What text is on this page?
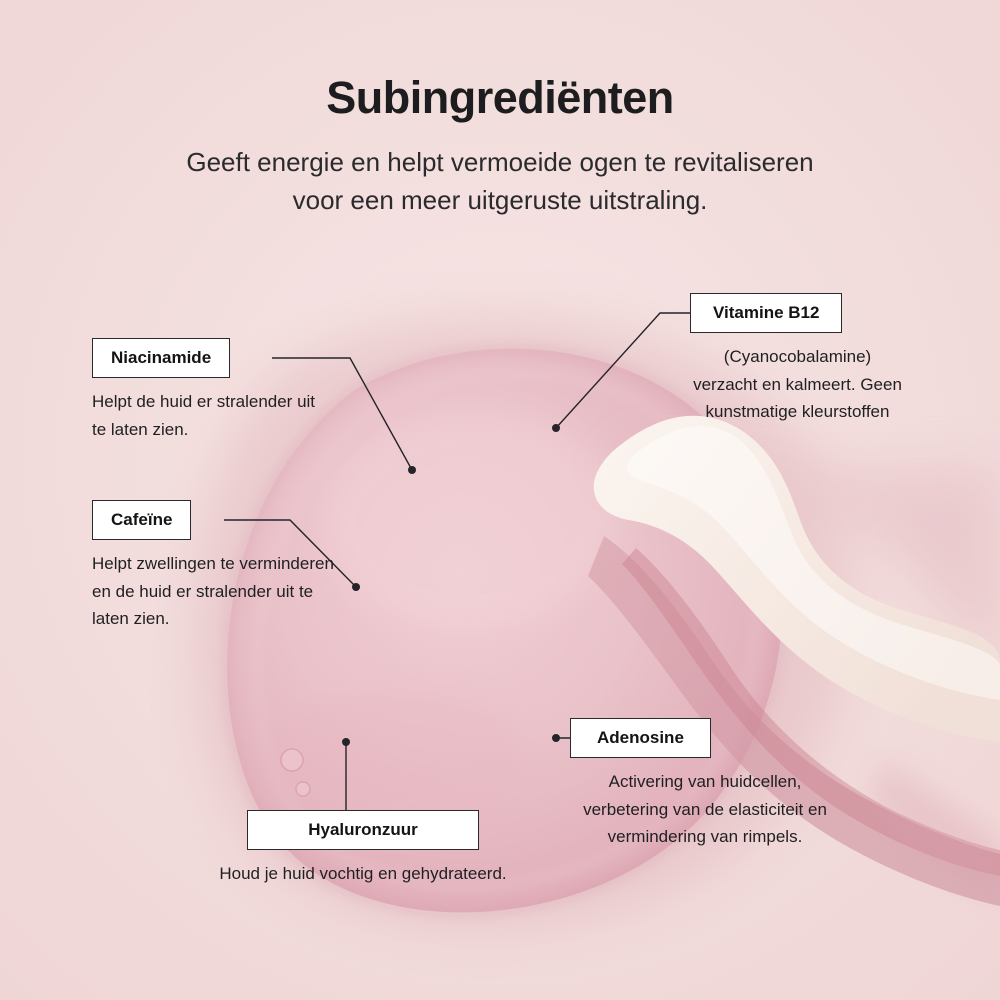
Subingrediënten

Geeft energie en helpt vermoeide ogen te revitaliseren
voor een meer uitgeruste uitstraling.

Niacinamide
Helpt de huid er stralender uit te laten zien.
Cafeïne
Helpt zwellingen te verminderen en de huid er stralender uit te laten zien.
Vitamine B12
(Cyanocobalamine) verzacht en kalmeert. Geen kunstmatige kleurstoffen
Adenosine
Activering van huidcellen, verbetering van de elasticiteit en vermindering van rimpels.
Hyaluronzuur
Houd je huid vochtig en gehydrateerd.
